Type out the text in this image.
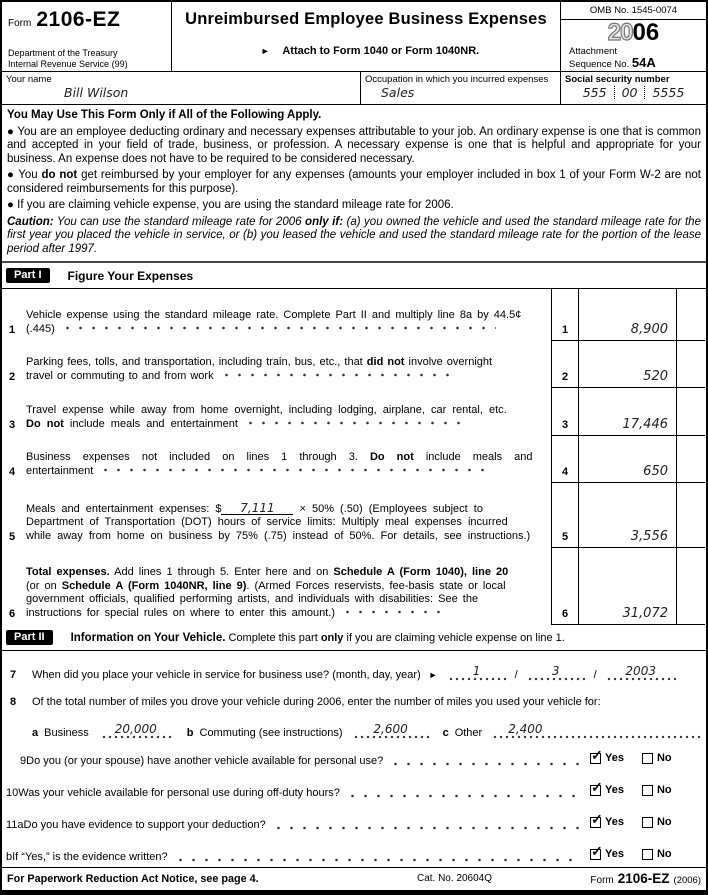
Form 2106-EZ
Department of the Treasury
Internal Revenue Service (99)
Unreimbursed Employee Business Expenses
► Attach to Form 1040 or Form 1040NR.
OMB No. 1545-0074
2006
Attachment
Sequence No. 54A
Your name
Bill Wilson
Occupation in which you incurred expenses
Sales
Social security number
555 00 5555
You May Use This Form Only if All of the Following Apply.

● You are an employee deducting ordinary and necessary expenses attributable to your job. An ordinary expense is one that is common and accepted in your field of trade, business, or profession. A necessary expense is one that is helpful and appropriate for your business. An expense does not have to be required to be considered necessary.

● You do not get reimbursed by your employer for any expenses (amounts your employer included in box 1 of your Form W-2 are not considered reimbursements for this purpose).

● If you are claiming vehicle expense, you are using the standard mileage rate for 2006.

Caution: You can use the standard mileage rate for 2006 only if: (a) you owned the vehicle and used the standard mileage rate for the first year you placed the vehicle in service, or (b) you leased the vehicle and used the standard mileage rate for the portion of the lease period after 1997.

Part I	Figure Your Expenses
1
Vehicle expense using the standard mileage rate. Complete Part II and multiply line 8a by 44.5¢
(.445)	1	8,900
2
Parking fees, tolls, and transportation, including train, bus, etc., that did not involve overnight
travel or commuting to and from work	2	520
3
Travel expense while away from home overnight, including lodging, airplane, car rental, etc.
Do not include meals and entertainment	3	17,446
4
Business expenses not included on lines 1 through 3. Do not include meals and
entertainment	4	650
5
Meals and entertainment expenses: $ 7,111 × 50% (.50) (Employees subject to
Department of Transportation (DOT) hours of service limits: Multiply meal expenses incurred
while away from home on business by 75% (.75) instead of 50%. For details, see instructions.)	5	3,556
6
Total expenses. Add lines 1 through 5. Enter here and on Schedule A (Form 1040), line 20
(or on Schedule A (Form 1040NR, line 9). (Armed Forces reservists, fee-basis state or local
government officials, qualified performing artists, and individuals with disabilities: See the
instructions for special rules on where to enter this amount.)	6	31,072
Part II	Information on Your Vehicle. Complete this part only if you are claiming vehicle expense on line 1.
7	When did you place your vehicle in service for business use? (month, day, year) ►	1	/	3	/	2003
8	Of the total number of miles you drove your vehicle during 2006, enter the number of miles you used your vehicle for:
a Business	20,000	b Commuting (see instructions)	2,600	c Other	2,400
9 Do you (or your spouse) have another vehicle available for personal use? ✓	Yes	No
10 Was your vehicle available for personal use during off-duty hours? ✓	Yes	No
11a Do you have evidence to support your deduction? ✓	Yes	No
b If “Yes,” is the evidence written? ✓	Yes	No
For Paperwork Reduction Act Notice, see page 4.	Cat. No. 20604Q	Form 2106-EZ (2006)
